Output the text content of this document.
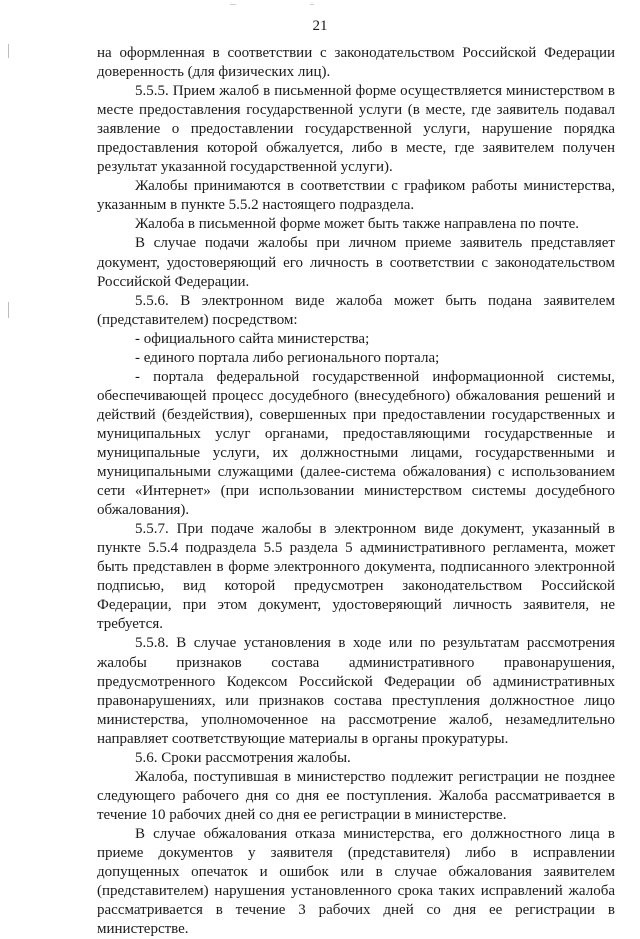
21

на оформленная в соответствии с законодательством Российской Федерации доверенность (для физических лиц).

5.5.5. Прием жалоб в письменной форме осуществляется министерством в месте предоставления государственной услуги (в месте, где заявитель подавал заявление о предоставлении государственной услуги, нарушение порядка предоставления которой обжалуется, либо в месте, где заявителем получен результат указанной государственной услуги).

Жалобы принимаются в соответствии с графиком работы министерства, указанным в пункте 5.5.2 настоящего подраздела.

Жалоба в письменной форме может быть также направлена по почте.

В случае подачи жалобы при личном приеме заявитель представляет документ, удостоверяющий его личность в соответствии с законодательством Российской Федерации.

5.5.6. В электронном виде жалоба может быть подана заявителем (представителем) посредством:

- официального сайта министерства;

- единого портала либо регионального портала;

- портала федеральной государственной информационной системы, обеспечивающей процесс досудебного (внесудебного) обжалования решений и действий (бездействия), совершенных при предоставлении государственных и муниципальных услуг органами, предоставляющими государственные и муниципальные услуги, их должностными лицами, государственными и муниципальными служащими (далее-система обжалования) с использованием сети «Интернет» (при использовании министерством системы досудебного обжалования).

5.5.7. При подаче жалобы в электронном виде документ, указанный в пункте 5.5.4 подраздела 5.5 раздела 5 административного регламента, может быть представлен в форме электронного документа, подписанного электронной подписью, вид которой предусмотрен законодательством Российской Федерации, при этом документ, удостоверяющий личность заявителя, не требуется.

5.5.8. В случае установления в ходе или по результатам рассмотрения жалобы признаков состава административного правонарушения, предусмотренного Кодексом Российской Федерации об административных правонарушениях, или признаков состава преступления должностное лицо министерства, уполномоченное на рассмотрение жалоб, незамедлительно направляет соответствующие материалы в органы прокуратуры.

5.6. Сроки рассмотрения жалобы.

Жалоба, поступившая в министерство подлежит регистрации не позднее следующего рабочего дня со дня ее поступления. Жалоба рассматривается в течение 10 рабочих дней со дня ее регистрации в министерстве.

В случае обжалования отказа министерства, его должностного лица в приеме документов у заявителя (представителя) либо в исправлении допущенных опечаток и ошибок или в случае обжалования заявителем (представителем) нарушения установленного срока таких исправлений жалоба рассматривается в течение 3 рабочих дней со дня ее регистрации в министерстве.
